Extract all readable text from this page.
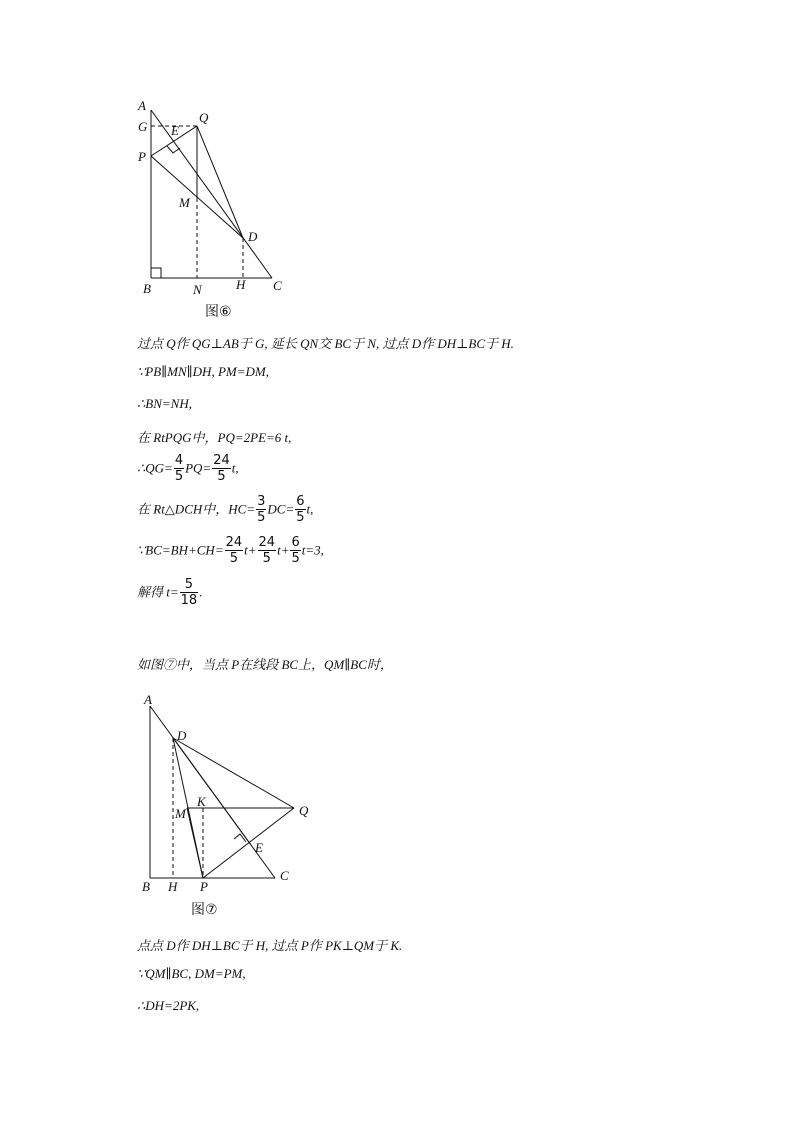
A
G E
Q
P
M
D
B	N	H C
图⑥
过点 Q作 QG⊥AB于 G, 延长 QN交 BC于 N, 过点 D作 DH⊥BC于 H.
∵PB∥MN∥DH, PM=DM,
∴BN=NH,
在 RtPQG中，PQ=2PE=6 t,
∴QG= $\frac{4}{5} PQ= \frac{24}{5} t$,
在 Rt△DCH中，$HC= \frac{3}{5} DC= \frac{6}{5} t$,
∵BC=BH+CH= $\frac{24}{5} t+ \frac{24}{5} t+ \frac{6}{5} t=3$,
解得 $t= \frac{5}{18}$ .
如图⑦中，当点 P在线段 BC上，QM∥BC时，
A
D
K
M	Q
E
C
B H P
图⑦
点点 D作 DH⊥BC于 H, 过点 P作 PK⊥QM于 K.
∵QM∥BC, DM=PM,
∴DH=2PK,
